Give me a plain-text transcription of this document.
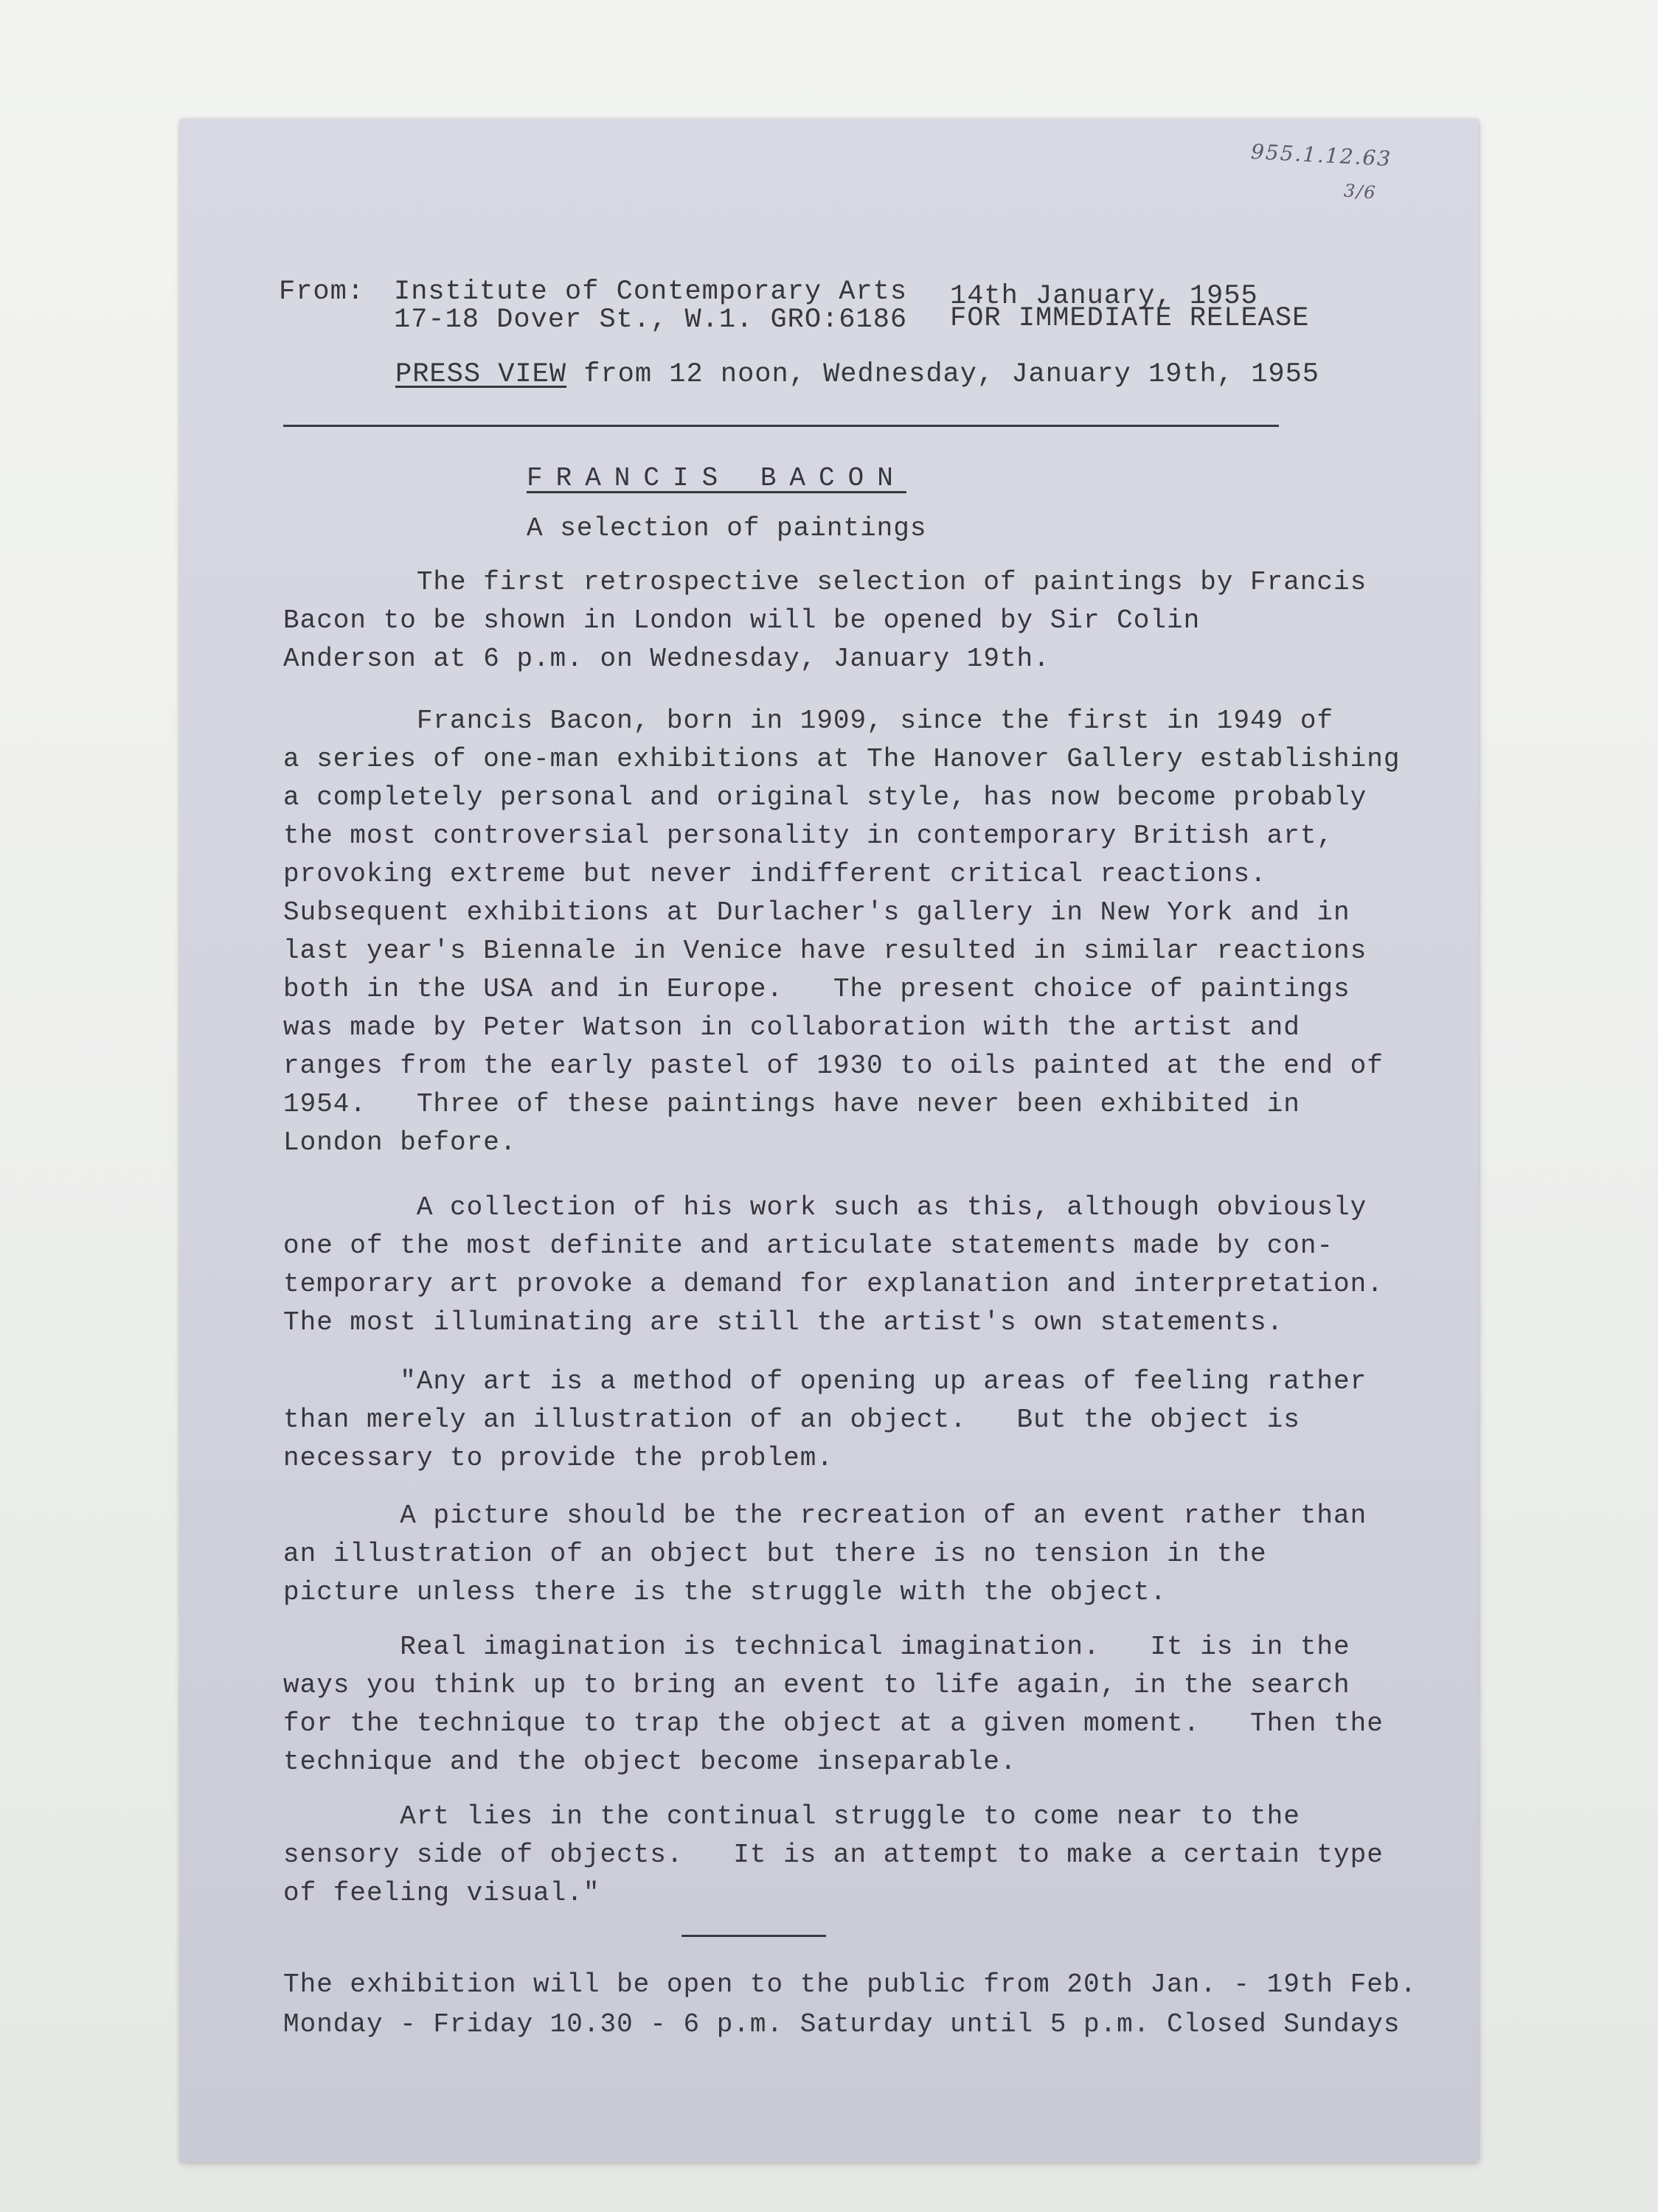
955.1.12.63
3/6
From: Institute of Contemporary Arts
17-18 Dover St., W.1. GRO:6186
14th January, 1955
FOR IMMEDIATE RELEASE
PRESS VIEW from 12 noon, Wednesday, January 19th, 1955
FRANCIS BACON
A selection of paintings
The first retrospective selection of paintings by Francis
Bacon to be shown in London will be opened by Sir Colin
Anderson at 6 p.m. on Wednesday, January 19th.
Francis Bacon, born in 1909, since the first in 1949 of
a series of one-man exhibitions at The Hanover Gallery establishing
a completely personal and original style, has now become probably
the most controversial personality in contemporary British art,
provoking extreme but never indifferent critical reactions.
Subsequent exhibitions at Durlacher's gallery in New York and in
last year's Biennale in Venice have resulted in similar reactions
both in the USA and in Europe.   The present choice of paintings
was made by Peter Watson in collaboration with the artist and
ranges from the early pastel of 1930 to oils painted at the end of
1954.   Three of these paintings have never been exhibited in
London before.
A collection of his work such as this, although obviously
one of the most definite and articulate statements made by con-
temporary art provoke a demand for explanation and interpretation.
The most illuminating are still the artist's own statements.
"Any art is a method of opening up areas of feeling rather
than merely an illustration of an object.   But the object is
necessary to provide the problem.
A picture should be the recreation of an event rather than
an illustration of an object but there is no tension in the
picture unless there is the struggle with the object.
Real imagination is technical imagination.   It is in the
ways you think up to bring an event to life again, in the search
for the technique to trap the object at a given moment.   Then the
technique and the object become inseparable.
Art lies in the continual struggle to come near to the
sensory side of objects.   It is an attempt to make a certain type
of feeling visual."
The exhibition will be open to the public from 20th Jan. - 19th Feb.
Monday - Friday 10.30 - 6 p.m. Saturday until 5 p.m. Closed Sundays
